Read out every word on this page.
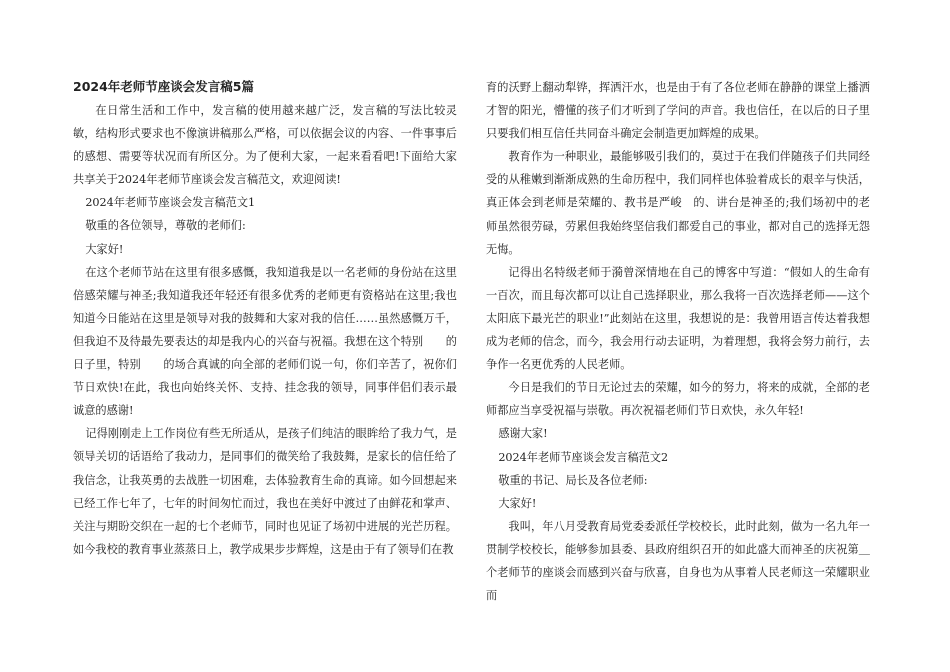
2024年老师节座谈会发言稿5篇

在日常生活和工作中，发言稿的使用越来越广泛，发言稿的写法比较灵敏，结构形式要求也不像演讲稿那么严格，可以依据会议的内容、一件事事后的感想、需要等状况而有所区分。为了便利大家，一起来看看吧!下面给大家共享关于2024年老师节座谈会发言稿范文，欢迎阅读!

2024年老师节座谈会发言稿范文1

敬重的各位领导，尊敬的老师们:

大家好!

在这个老师节站在这里有很多感慨，我知道我是以一名老师的身份站在这里倍感荣耀与神圣;我知道我还年轻还有很多优秀的老师更有资格站在这里;我也知道今日能站在这里是领导对我的鼓舞和大家对我的信任……虽然感慨万千，但我迫不及待最先要表达的却是我内心的兴奋与祝福。我想在这个特别　　的日子里，特别　　的场合真诚的向全部的老师们说一句，你们辛苦了，祝你们节日欢快!在此，我也向始终关怀、支持、挂念我的领导，同事伴侣们表示最诚意的感谢!

记得刚刚走上工作岗位有些无所适从，是孩子们纯洁的眼眸给了我力气，是领导关切的话语给了我动力，是同事们的微笑给了我鼓舞，是家长的信任给了我信念，让我英勇的去战胜一切困难，去体验教育生命的真谛。如今回想起来已经工作七年了，七年的时间匆忙而过，我也在美好中渡过了由鲜花和掌声、关注与期盼交织在一起的七个老师节，同时也见证了场初中进展的光芒历程。如今我校的教育事业蒸蒸日上，教学成果步步辉煌，这是由于有了领导们在教

育的沃野上翻动犁铧，挥洒汗水，也是由于有了各位老师在静静的课堂上播洒才智的阳光，懵懂的孩子们才听到了学问的声音。我也信任，在以后的日子里只要我们相互信任共同奋斗确定会制造更加辉煌的成果。

教育作为一种职业，最能够吸引我们的，莫过于在我们伴随孩子们共同经受的从稚嫩到渐渐成熟的生命历程中，我们同样也体验着成长的艰辛与快活，真正体会到老师是荣耀的、教书是严峻　的、讲台是神圣的;我们场初中的老师虽然很劳碌，劳累但我始终坚信我们都爱自己的事业，都对自己的选择无怨无悔。

记得出名特级老师于漪曾深情地在自己的博客中写道：“假如人的生命有一百次，而且每次都可以让自己选择职业，那么我将一百次选择老师——这个太阳底下最光芒的职业!”此刻站在这里，我想说的是：我曾用语言传达着我想成为老师的信念，而今，我会用行动去证明，为着理想，我将会努力前行，去争作一名更优秀的人民老师。

今日是我们的节日无论过去的荣耀，如今的努力，将来的成就，全部的老师都应当享受祝福与崇敬。再次祝福老师们节日欢快，永久年轻!

感谢大家!

2024年老师节座谈会发言稿范文2

敬重的书记、局长及各位老师:

大家好!

我叫，年八月受教育局党委委派任学校校长，此时此刻，做为一名九年一贯制学校校长，能够参加县委、县政府组织召开的如此盛大而神圣的庆祝第＿个老师节的座谈会而感到兴奋与欣喜，自身也为从事着人民老师这一荣耀职业而
